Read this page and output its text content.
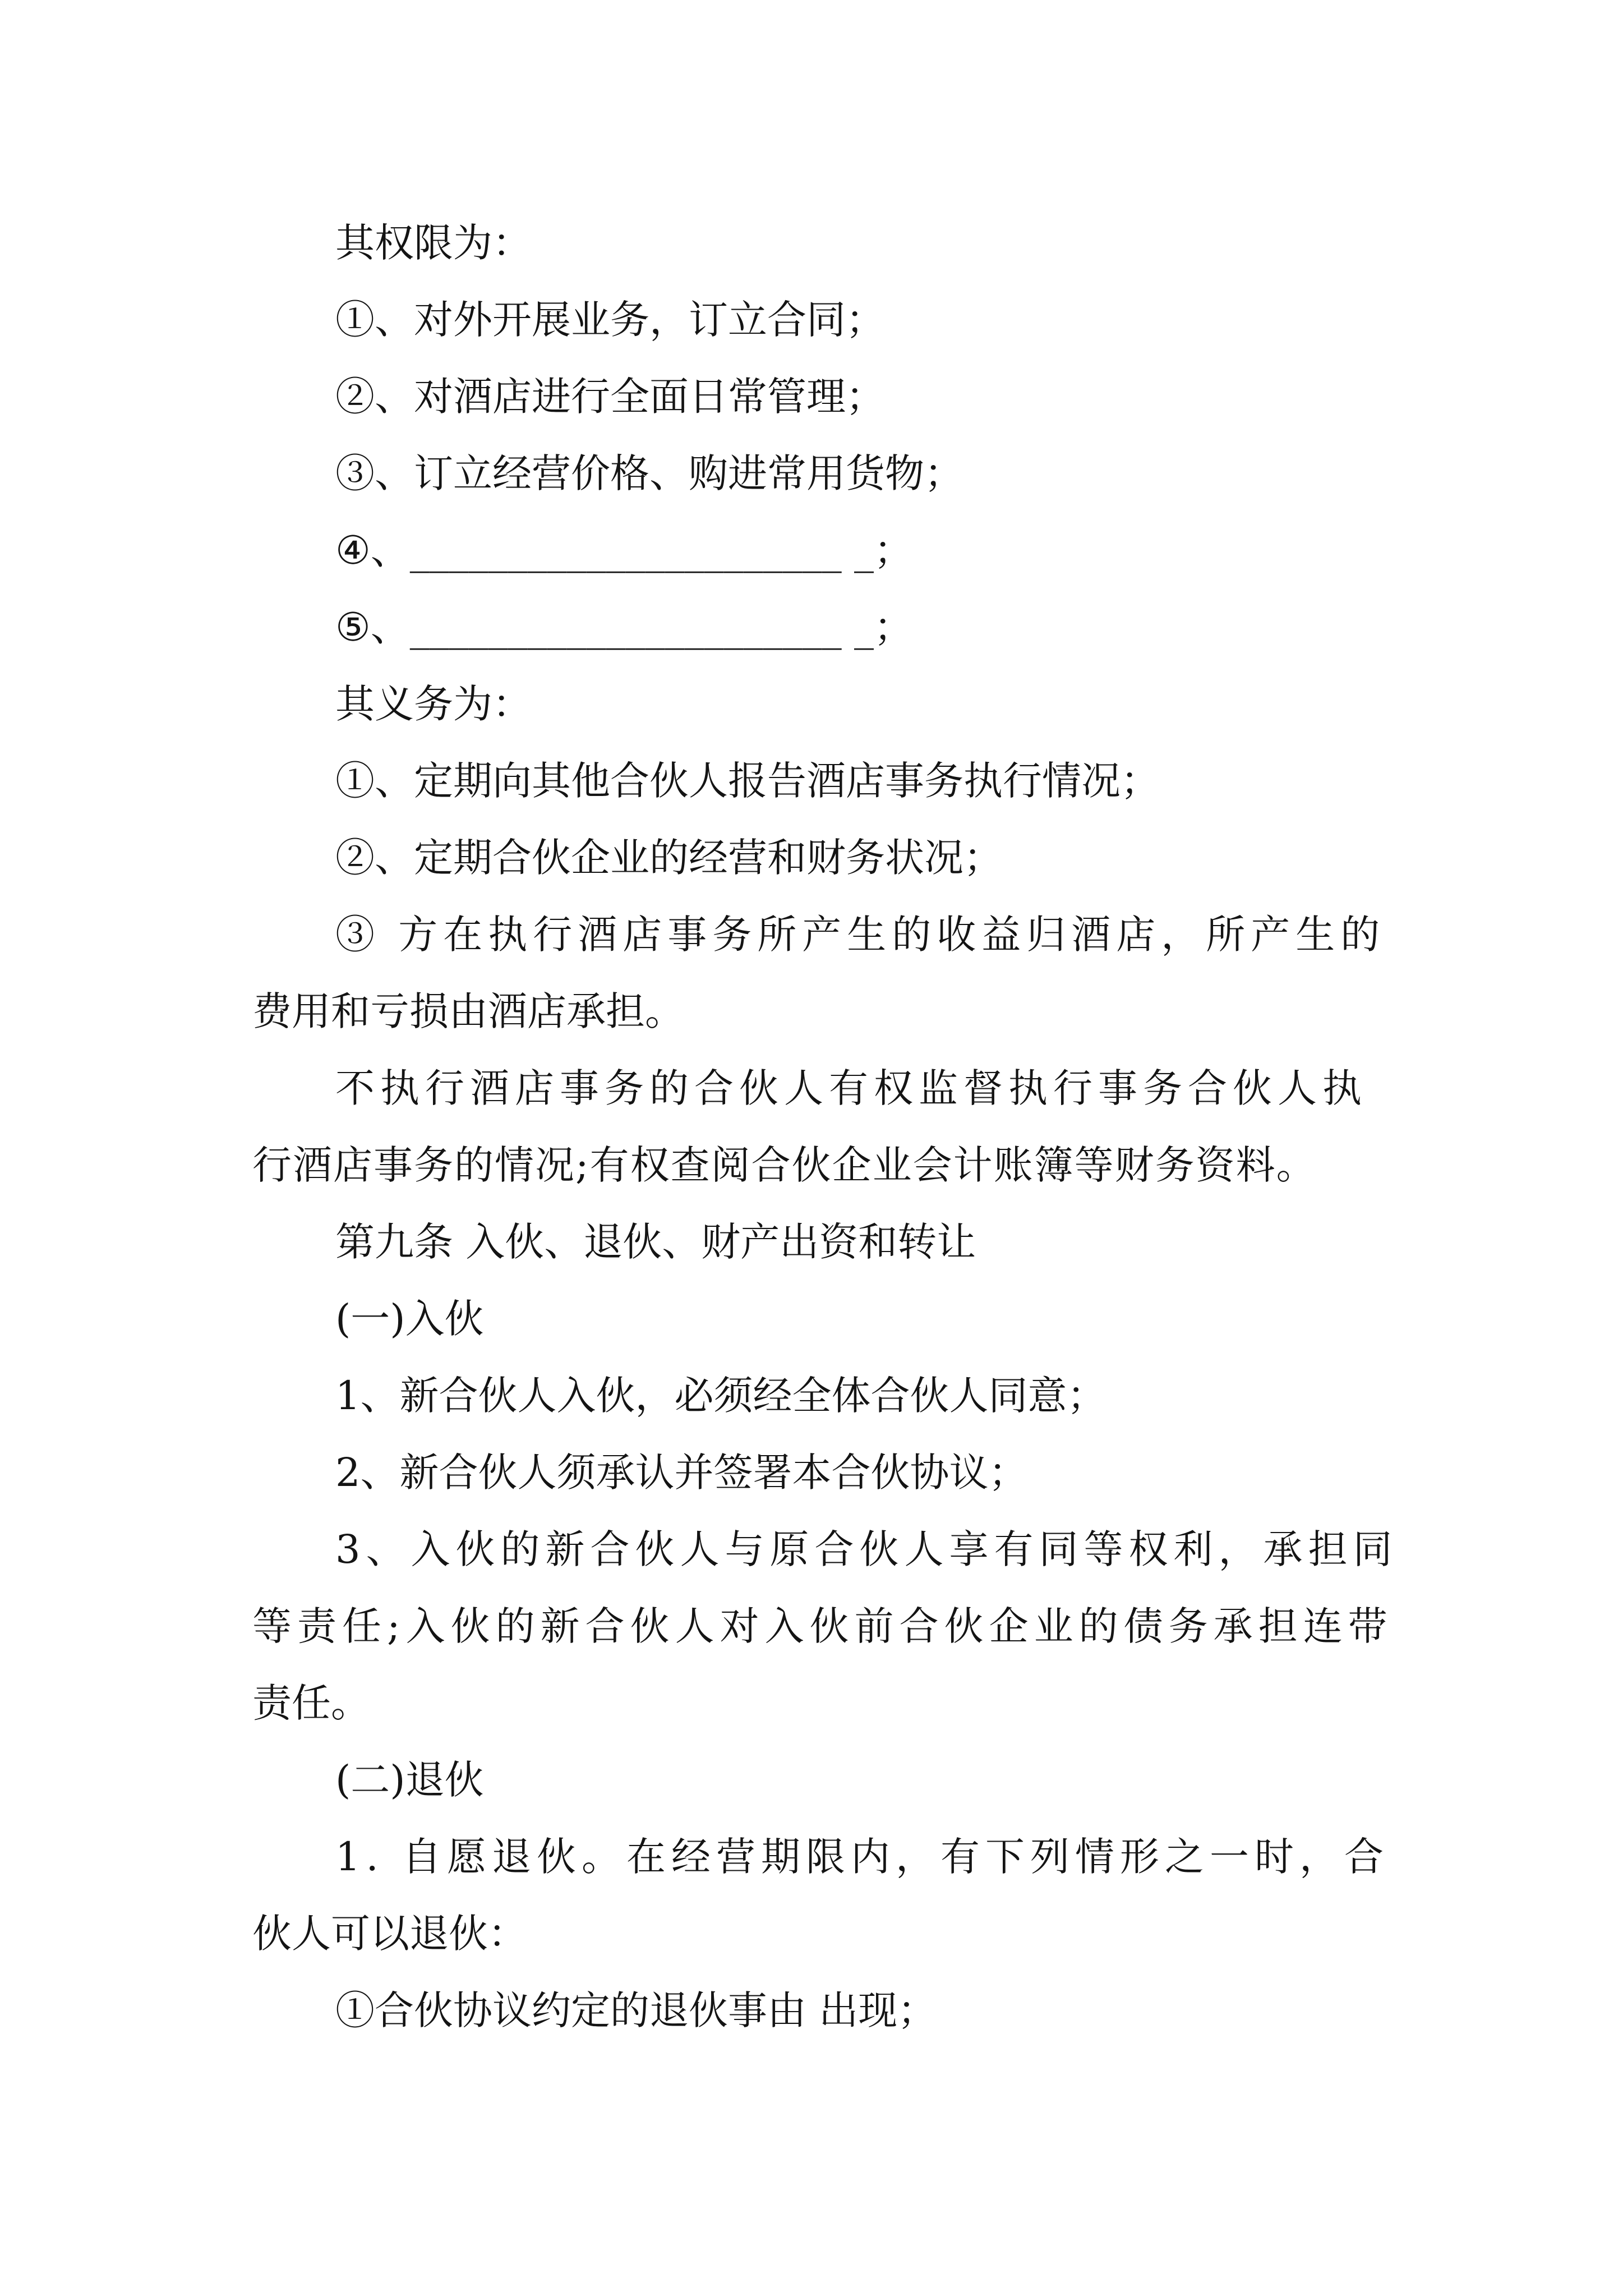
其权限为：
①、对外开展业务，订立合同；
②、对酒店进行全面日常管理；
③、订立经营价格、购进常用货物；
④、______________________ _；
⑤、______________________ _；
其义务为：
①、定期向其他合伙人报告酒店事务执行情况；
②、定期合伙企业的经营和财务状况；
③ 方在执行酒店事务所产生的收益归酒店，所产生的
费用和亏损由酒店承担。
不执行酒店事务的合伙人有权监督执行事务合伙人执
行酒店事务的情况;有权查阅合伙企业会计账簿等财务资料。
第九条 入伙、退伙、财产出资和转让
(一)入伙
1、新合伙人入伙，必须经全体合伙人同意；
2、新合伙人须承认并签署本合伙协议；
3、入伙的新合伙人与原合伙人享有同等权利，承担同
等责任;入伙的新合伙人对入伙前合伙企业的债务承担连带
责任。
(二)退伙
1. 自愿退伙。在经营期限内，有下列情形之一时，合
伙人可以退伙：
①合伙协议约定的退伙事由 出现；
